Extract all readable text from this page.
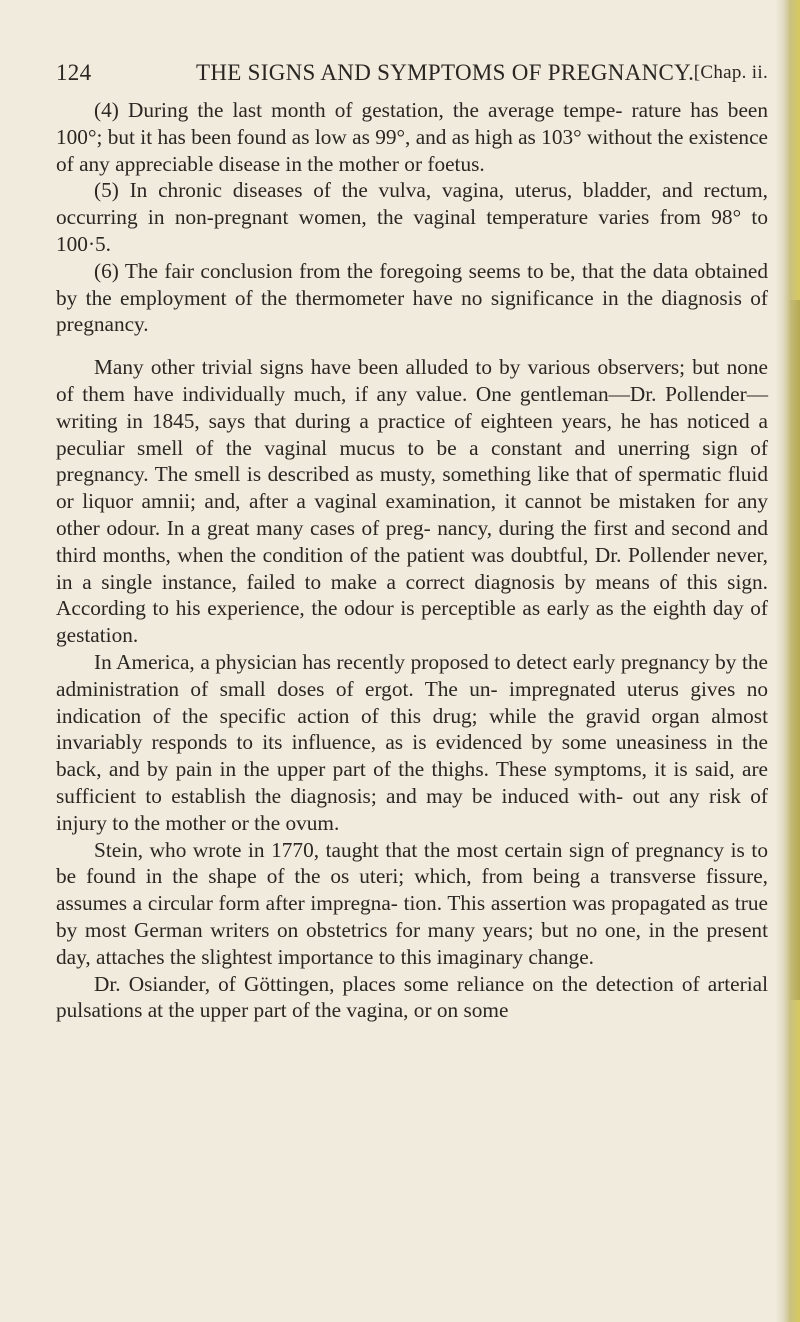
124	THE SIGNS AND SYMPTOMS OF PREGNANCY. [Chap. ii.

(4) During the last month of gestation, the average tempe- rature has been 100°; but it has been found as low as 99°, and as high as 103° without the existence of any appreciable disease in the mother or foetus.

(5) In chronic diseases of the vulva, vagina, uterus, bladder, and rectum, occurring in non-pregnant women, the vaginal temperature varies from 98° to 100·5.

(6) The fair conclusion from the foregoing seems to be, that the data obtained by the employment of the thermometer have no significance in the diagnosis of pregnancy.

Many other trivial signs have been alluded to by various observers; but none of them have individually much, if any value. One gentleman—Dr. Pollender—writing in 1845, says that during a practice of eighteen years, he has noticed a peculiar smell of the vaginal mucus to be a constant and unerring sign of pregnancy. The smell is described as musty, something like that of spermatic fluid or liquor amnii; and, after a vaginal examination, it cannot be mistaken for any other odour. In a great many cases of preg- nancy, during the first and second and third months, when the condition of the patient was doubtful, Dr. Pollender never, in a single instance, failed to make a correct diagnosis by means of this sign. According to his experience, the odour is perceptible as early as the eighth day of gestation.

In America, a physician has recently proposed to detect early pregnancy by the administration of small doses of ergot. The un- impregnated uterus gives no indication of the specific action of this drug; while the gravid organ almost invariably responds to its influence, as is evidenced by some uneasiness in the back, and by pain in the upper part of the thighs. These symptoms, it is said, are sufficient to establish the diagnosis; and may be induced with- out any risk of injury to the mother or the ovum.

Stein, who wrote in 1770, taught that the most certain sign of pregnancy is to be found in the shape of the os uteri; which, from being a transverse fissure, assumes a circular form after impregna- tion. This assertion was propagated as true by most German writers on obstetrics for many years; but no one, in the present day, attaches the slightest importance to this imaginary change.

Dr. Osiander, of Göttingen, places some reliance on the detection of arterial pulsations at the upper part of the vagina, or on some
